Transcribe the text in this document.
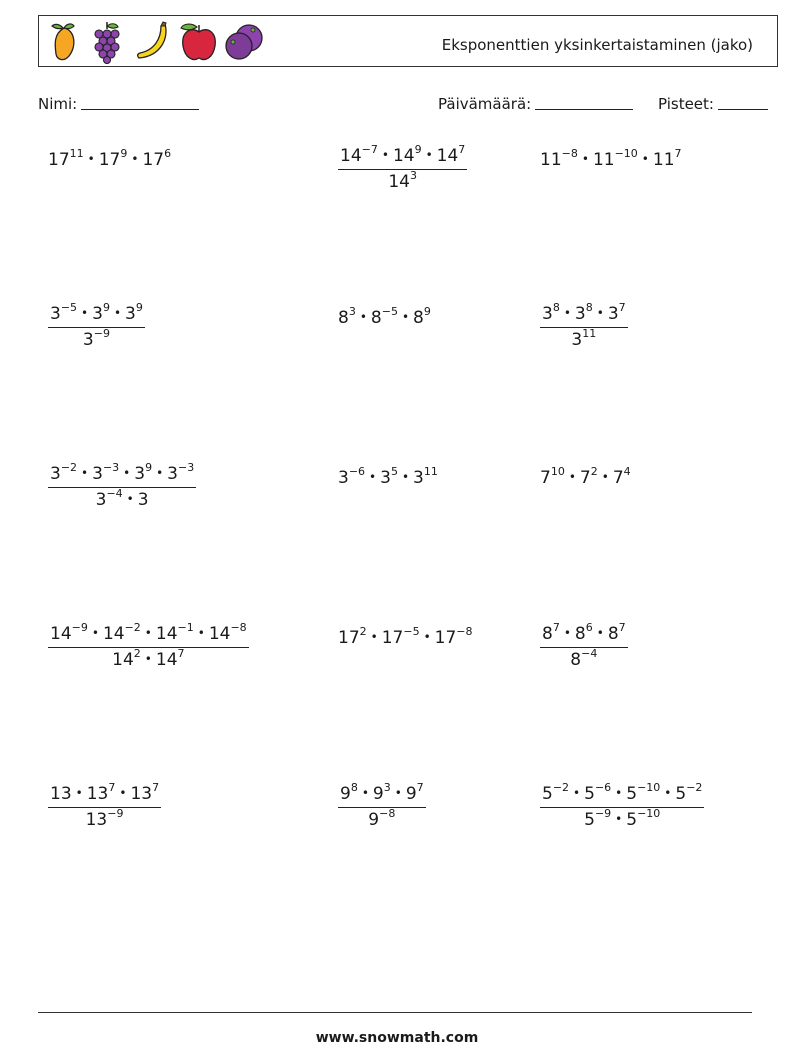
Eksponenttien yksinkertaistaminen (jako)
Nimi:	Päivämäärä:	Pisteet:
$17^{11}$ • $17^9$ • $17^6$	$\frac{14^{-7} • 14^9 • 14^7}{14^3}$	$11^{-8}$ • $11^{-10}$ • $11^7$
$\frac{3^{-5} • 3^9 • 3^9}{3^{-9}}$	$8^3$ • $8^{-5}$ • $8^9$	$\frac{3^8 • 3^8 • 3^7}{3^{11}}$
$\frac{3^{-2} • 3^{-3} • 3^9 • 3^{-3}}{3^{-4} • 3}$	$3^{-6}$ • $3^5$ • $3^{11}$	$7^{10}$ • $7^2$ • $7^4$
$\frac{14^{-9} • 14^{-2} • 14^{-1} • 14^{-8}}{14^2 • 14^7}$	$17^2$ • $17^{-5}$ • $17^{-8}$	$\frac{8^7 • 8^6 • 8^7}{8^{-4}}$
$\frac{13 • 13^7 • 13^7}{13^{-9}}$	$\frac{9^8 • 9^3 • 9^7}{9^{-8}}$	$\frac{5^{-2} • 5^{-6} • 5^{-10} • 5^{-2}}{5^{-9} • 5^{-10}}$
www.snowmath.com
